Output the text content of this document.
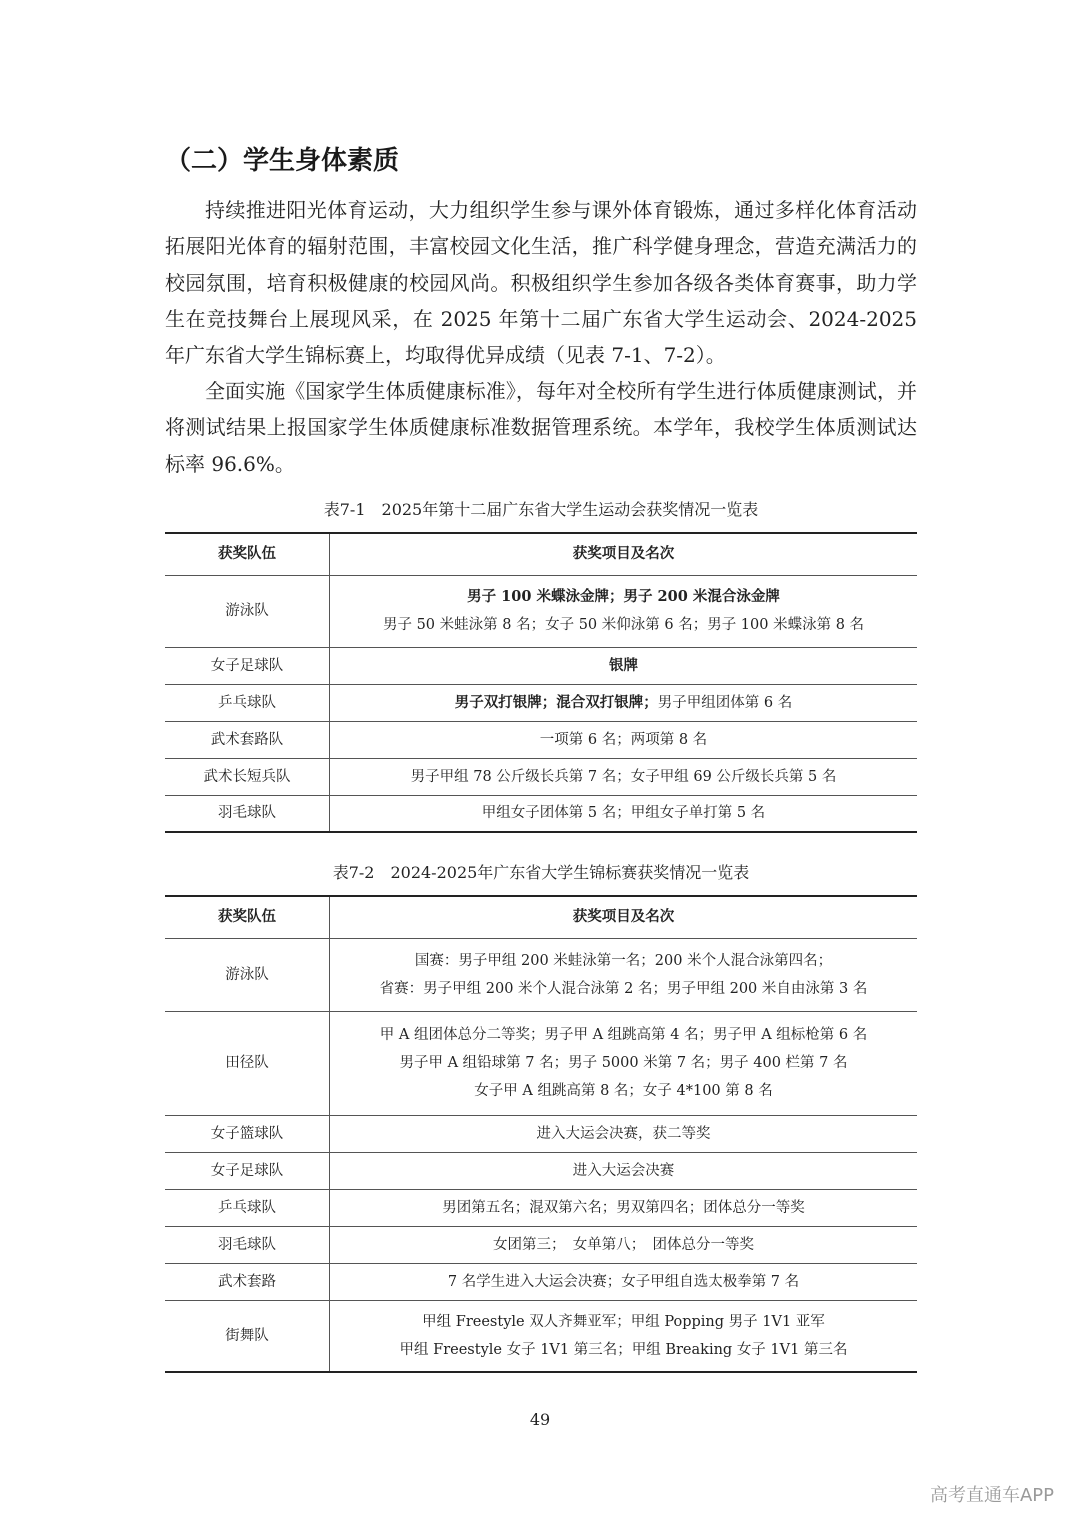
（二）学生身体素质

持续推进阳光体育运动，大力组织学生参与课外体育锻炼，通过多样化体育活动拓展阳光体育的辐射范围，丰富校园文化生活，推广科学健身理念，营造充满活力的校园氛围，培育积极健康的校园风尚。积极组织学生参加各级各类体育赛事，助力学生在竞技舞台上展现风采，在 2025 年第十二届广东省大学生运动会、2024-2025 年广东省大学生锦标赛上，均取得优异成绩（见表 7-1、7-2）。

全面实施《国家学生体质健康标准》，每年对全校所有学生进行体质健康测试，并将测试结果上报国家学生体质健康标准数据管理系统。本学年，我校学生体质测试达标率 96.6%。

表7-1　2025年第十二届广东省大学生运动会获奖情况一览表
获奖队伍	获奖项目及名次
游泳队	男子 100 米蝶泳金牌；男子 200 米混合泳金牌
男子 50 米蛙泳第 8 名；女子 50 米仰泳第 6 名；男子 100 米蝶泳第 8 名

女子足球队	银牌
乒乓球队	男子双打银牌；混合双打银牌；男子甲组团体第 6 名
武术套路队	一项第 6 名；两项第 8 名
武术长短兵队	男子甲组 78 公斤级长兵第 7 名；女子甲组 69 公斤级长兵第 5 名
羽毛球队	甲组女子团体第 5 名；甲组女子单打第 5 名
表7-2　2024-2025年广东省大学生锦标赛获奖情况一览表
获奖队伍	获奖项目及名次
游泳队	国赛：男子甲组 200 米蛙泳第一名；200 米个人混合泳第四名；
省赛：男子甲组 200 米个人混合泳第 2 名；男子甲组 200 米自由泳第 3 名

田径队	甲 A 组团体总分二等奖；男子甲 A 组跳高第 4 名；男子甲 A 组标枪第 6 名
男子甲 A 组铅球第 7 名；男子 5000 米第 7 名；男子 400 栏第 7 名
女子甲 A 组跳高第 8 名；女子 4*100 第 8 名

女子篮球队	进入大运会决赛，获二等奖
女子足球队	进入大运会决赛
乒乓球队	男团第五名；混双第六名；男双第四名；团体总分一等奖
羽毛球队	女团第三；　女单第八；　团体总分一等奖
武术套路	7 名学生进入大运会决赛；女子甲组自选太极拳第 7 名
街舞队	甲组 Freestyle 双人齐舞亚军；甲组 Popping 男子 1V1 亚军
甲组 Freestyle 女子 1V1 第三名；甲组 Breaking 女子 1V1 第三名
49
高考直通车APP
